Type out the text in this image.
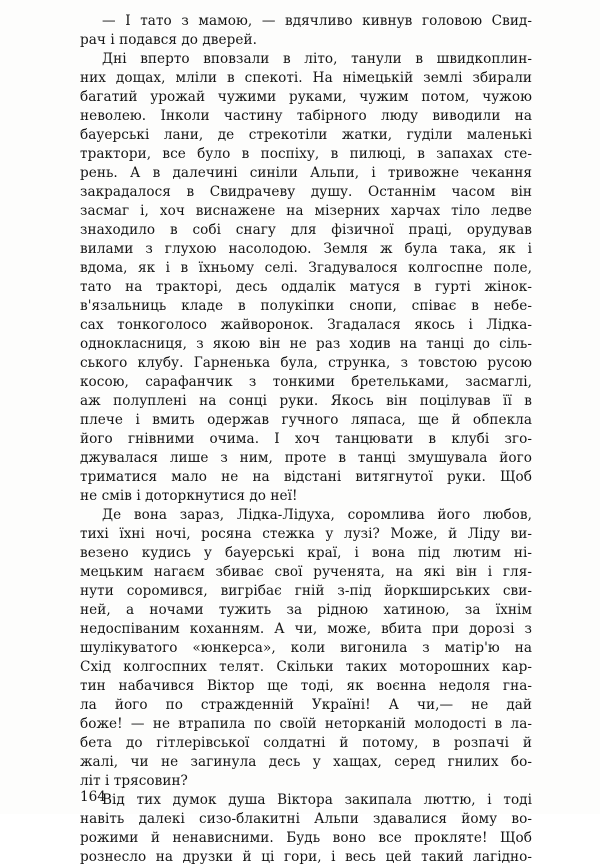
— І тато з мамою, — вдячливо кивнув головою Свид-
рач і подався до дверей.
Дні вперто вповзали в літо, танули в швидкоплин-
них дощах, мліли в спекоті. На німецькій землі збирали
багатий урожай чужими руками, чужим потом, чужою
неволею. Інколи частину табірного люду виводили на
бауерські лани, де стрекотіли жатки, гуділи маленькі
трактори, все було в поспіху, в пилюці, в запахах сте-
рень. А в далечині синіли Альпи, і тривожне чекання
закрадалося в Свидрачеву душу. Останнім часом він
засмаг і, хоч виснажене на мізерних харчах тіло ледве
знаходило в собі снагу для фізичної праці, орудував
вилами з глухою насолодою. Земля ж була така, як і
вдома, як і в їхньому селі. Згадувалося колгоспне поле,
тато на тракторі, десь оддалік матуся в гурті жінок-
в'язальниць кладе в полукіпки снопи, співає в небе-
сах тонкоголосо жайворонок. Згадалася якось і Лідка-
однокласниця, з якою він не раз ходив на танці до сіль-
ського клубу. Гарненька була, струнка, з товстою русою
косою, сарафанчик з тонкими бретельками, засмаглі,
аж полуплені на сонці руки. Якось він поцілував її в
плече і вмить одержав гучного ляпаса, ще й обпекла
його гнівними очима. І хоч танцювати в клубі зго-
джувалася лише з ним, проте в танці змушувала його
триматися мало не на відстані витягнутої руки. Щоб
не смів і доторкнутися до неї!
Де вона зараз, Лідка-Лідуха, соромлива його любов,
тихі їхні ночі, росяна стежка у лузі? Може, й Ліду ви-
везено кудись у бауерські краї, і вона під лютим ні-
мецьким нагаєм збиває свої рученята, на які він і гля-
нути соромився, вигрібає гній з-під йоркширських сви-
ней, а ночами тужить за рідною хатиною, за їхнім
недоспіваним коханням. А чи, може, вбита при дорозі з
шулікуватого «юнкерса», коли вигонила з матір'ю на
Схід колгоспних телят. Скільки таких моторошних кар-
тин набачився Віктор ще тоді, як воєнна недоля гна-
ла його по стражденній Україні! А чи,— не дай
боже! — не втрапила по своїй неторканій молодості в ла-
бета до гітлерівської солдатні й потому, в розпачі й
жалі, чи не загинула десь у хащах, серед гнилих бо-
літ і трясовин?
Від тих думок душа Віктора закипала люттю, і тоді
навіть далекі сизо-блакитні Альпи здавалися йому во-
рожими й ненависними. Будь воно все прокляте! Щоб
рознесло на друзки й ці гори, і весь цей такий лагідно-
164
